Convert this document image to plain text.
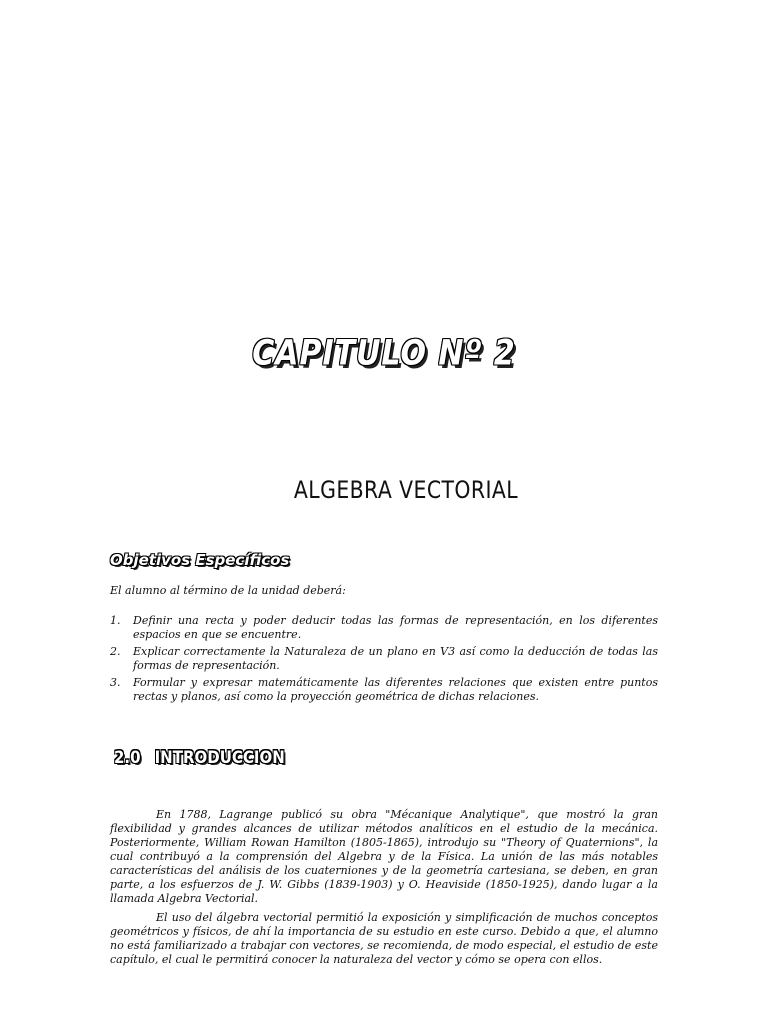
CAPITULO Nº 2
ALGEBRA VECTORIAL
Objetivos Específicos
El alumno al término de la unidad deberá:
1. Definir una recta y poder deducir todas las formas de representación, en los diferentes espacios en que se encuentre.
2. Explicar correctamente la Naturaleza de un plano en V3 así como la deducción de todas las formas de representación.
3. Formular y expresar matemáticamente las diferentes relaciones que existen entre puntos rectas y planos, así como la proyección geométrica de dichas relaciones.
2.0 INTRODUCCION

En 1788, Lagrange publicó su obra "Mécanique Analytique", que mostró la gran flexibilidad y grandes alcances de utilizar métodos analíticos en el estudio de la mecánica. Posteriormente, William Rowan Hamilton (1805-1865), introdujo su "Theory of Quaternions", la cual contribuyó a la comprensión del Algebra y de la Física. La unión de las más notables características del análisis de los cuaterniones y de la geometría cartesiana, se deben, en gran parte, a los esfuerzos de J. W. Gibbs (1839-1903) y O. Heaviside (1850-1925), dando lugar a la llamada Algebra Vectorial.

El uso del álgebra vectorial permitió la exposición y simplificación de muchos conceptos geométricos y físicos, de ahí la importancia de su estudio en este curso. Debido a que, el alumno no está familiarizado a trabajar con vectores, se recomienda, de modo especial, el estudio de este capítulo, el cual le permitirá conocer la naturaleza del vector y cómo se opera con ellos.
